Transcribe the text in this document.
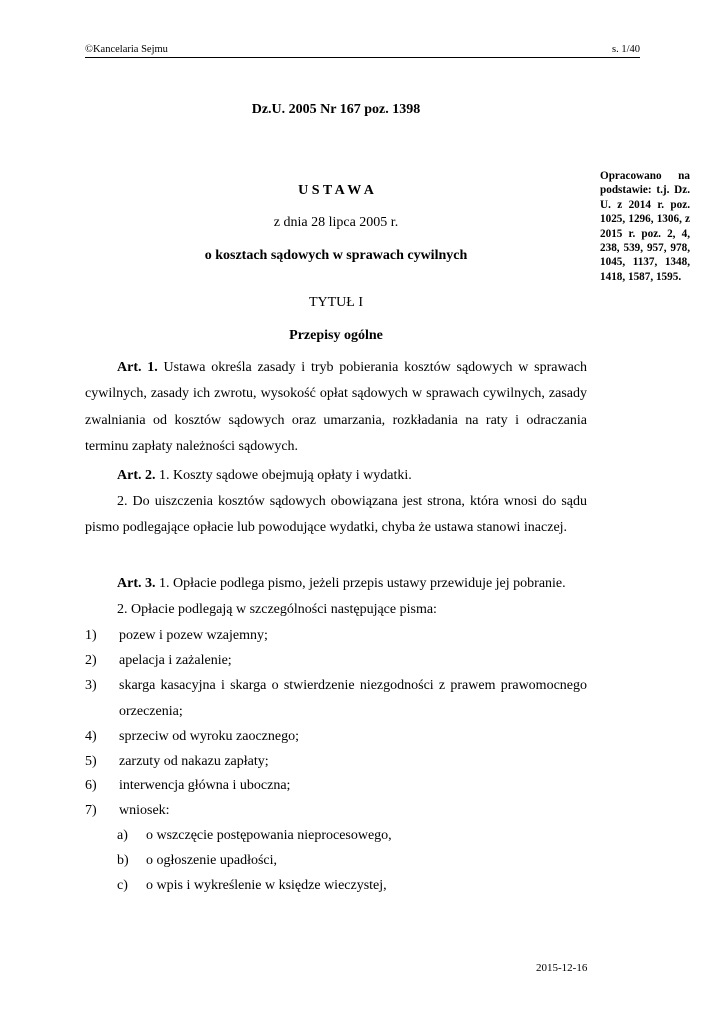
©Kancelaria Sejmu	s. 1/40
Dz.U. 2005 Nr 167 poz. 1398
Opracowano na podstawie: t.j. Dz. U. z 2014 r. poz. 1025, 1296, 1306, z 2015 r. poz. 2, 4, 238, 539, 957, 978, 1045, 1137, 1348, 1418, 1587, 1595.
U S T A W A
z dnia 28 lipca 2005 r.
o kosztach sądowych w sprawach cywilnych
TYTUŁ I
Przepisy ogólne
Art. 1. Ustawa określa zasady i tryb pobierania kosztów sądowych w sprawach cywilnych, zasady ich zwrotu, wysokość opłat sądowych w sprawach cywilnych, zasady zwalniania od kosztów sądowych oraz umarzania, rozkładania na raty i odraczania terminu zapłaty należności sądowych.
Art. 2. 1. Koszty sądowe obejmują opłaty i wydatki.
2. Do uiszczenia kosztów sądowych obowiązana jest strona, która wnosi do sądu pismo podlegające opłacie lub powodujące wydatki, chyba że ustawa stanowi inaczej.
Art. 3. 1. Opłacie podlega pismo, jeżeli przepis ustawy przewiduje jej pobranie.
2. Opłacie podlegają w szczególności następujące pisma:
1) pozew i pozew wzajemny;
2) apelacja i zażalenie;
3) skarga kasacyjna i skarga o stwierdzenie niezgodności z prawem prawomocnego orzeczenia;
4) sprzeciw od wyroku zaocznego;
5) zarzuty od nakazu zapłaty;
6) interwencja główna i uboczna;
7) wniosek:
a) o wszczęcie postępowania nieprocesowego,
b) o ogłoszenie upadłości,
c) o wpis i wykreślenie w księdze wieczystej,
2015-12-16
